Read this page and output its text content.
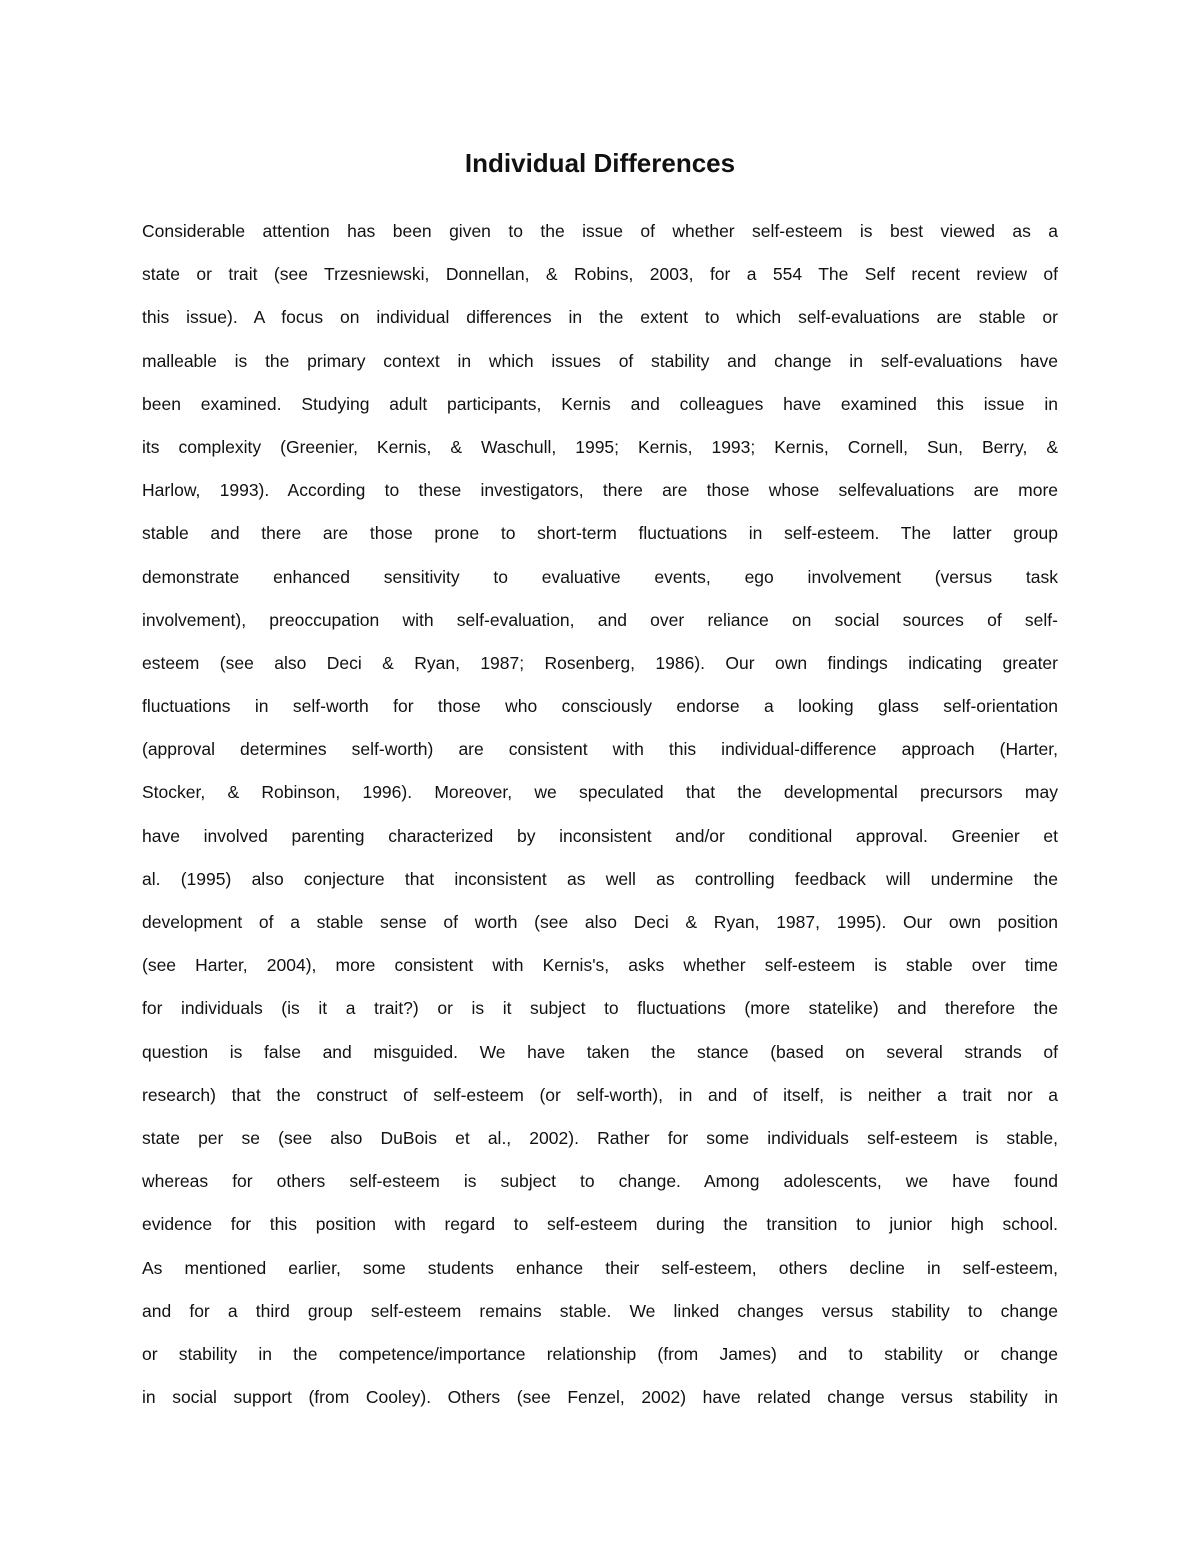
Individual Differences
Considerable attention has been given to the issue of whether self-esteem is best viewed as a
state or trait (see Trzesniewski, Donnellan, & Robins, 2003, for a 554 The Self recent review of
this issue). A focus on individual differences in the extent to which self-evaluations are stable or
malleable is the primary context in which issues of stability and change in self-evaluations have
been examined. Studying adult participants, Kernis and colleagues have examined this issue in
its complexity (Greenier, Kernis, & Waschull, 1995; Kernis, 1993; Kernis, Cornell, Sun, Berry, &
Harlow, 1993). According to these investigators, there are those whose selfevaluations are more
stable and there are those prone to short-term fluctuations in self-esteem. The latter group
demonstrate enhanced sensitivity to evaluative events, ego involvement (versus task
involvement), preoccupation with self-evaluation, and over reliance on social sources of self-
esteem (see also Deci & Ryan, 1987; Rosenberg, 1986). Our own findings indicating greater
fluctuations in self-worth for those who consciously endorse a looking glass self-orientation
(approval determines self-worth) are consistent with this individual-difference approach (Harter,
Stocker, & Robinson, 1996). Moreover, we speculated that the developmental precursors may
have involved parenting characterized by inconsistent and/or conditional approval. Greenier et
al. (1995) also conjecture that inconsistent as well as controlling feedback will undermine the
development of a stable sense of worth (see also Deci & Ryan, 1987, 1995). Our own position
(see Harter, 2004), more consistent with Kernis's, asks whether self-esteem is stable over time
for individuals (is it a trait?) or is it subject to fluctuations (more statelike) and therefore the
question is false and misguided. We have taken the stance (based on several strands of
research) that the construct of self-esteem (or self-worth), in and of itself, is neither a trait nor a
state per se (see also DuBois et al., 2002). Rather for some individuals self-esteem is stable,
whereas for others self-esteem is subject to change. Among adolescents, we have found
evidence for this position with regard to self-esteem during the transition to junior high school.
As mentioned earlier, some students enhance their self-esteem, others decline in self-esteem,
and for a third group self-esteem remains stable. We linked changes versus stability to change
or stability in the competence/importance relationship (from James) and to stability or change
in social support (from Cooley). Others (see Fenzel, 2002) have related change versus stability in
